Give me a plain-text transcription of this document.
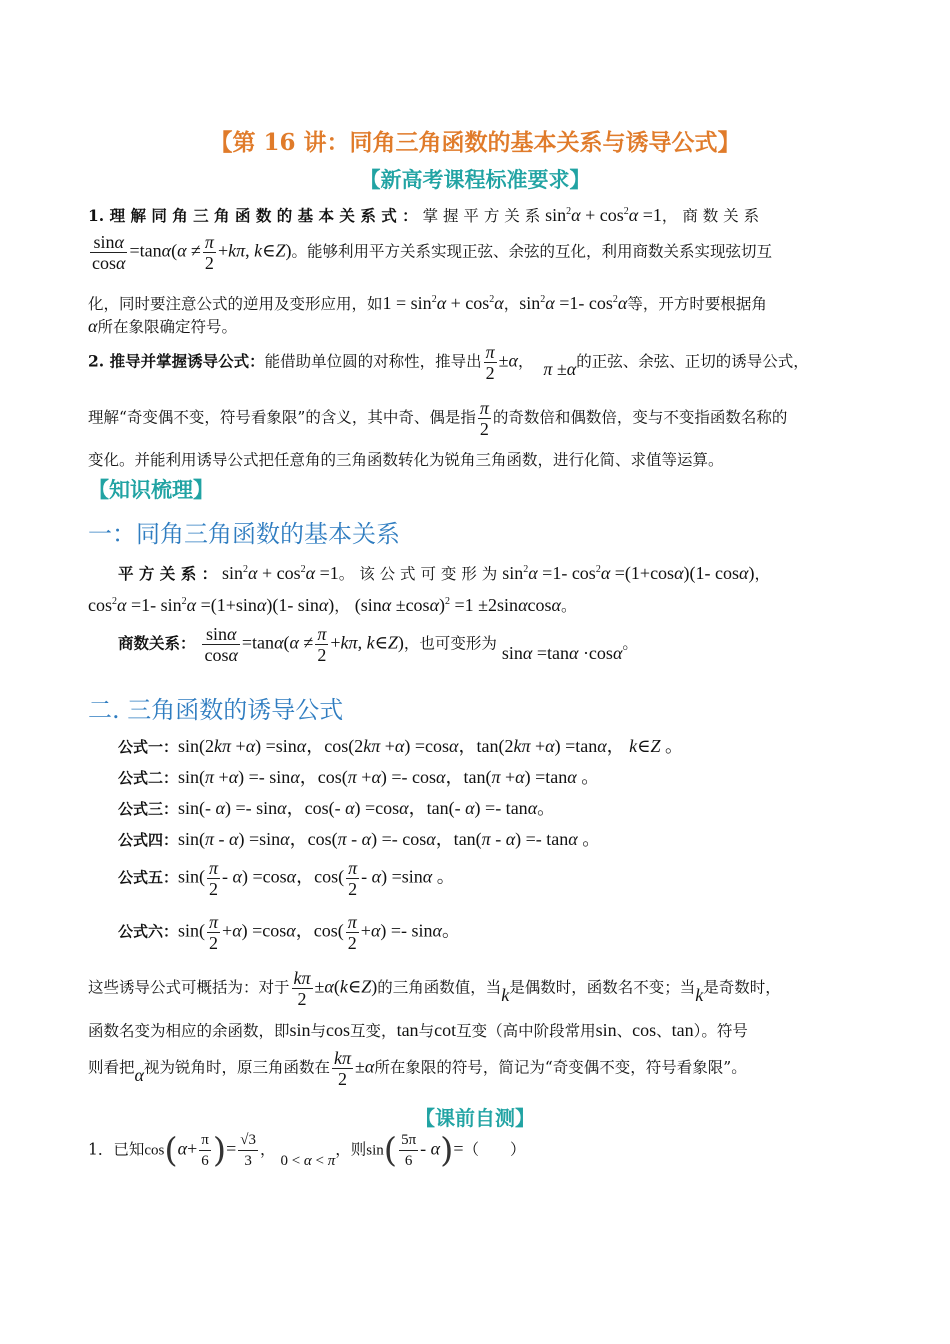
【第 16 讲：同角三角函数的基本关系与诱导公式】
【新高考课程标准要求】
1. 理 解 同 角 三 角 函 数 的 基 本 关 系 式 ： 掌 握 平 方 关 系 $\sin^2\alpha + \cos^2\alpha =1$， 商 数 关 系
$\frac{\sin\alpha}{\cos\alpha} =\tan\alpha(\alpha \ne \frac{\pi}{2} +k\pi$, k∈Z)。能够利用平方关系实现正弦、余弦的互化，利用商数关系实现弦切互
化，同时要注意公式的逆用及变形应用，如$1 = \sin^2\alpha + \cos^2\alpha$，$\sin^2\alpha =1-$ $\cos^2\alpha$等，开方时要根据角
α所在象限确定符号。
2. 推导并掌握诱导公式：能借助单位圆的对称性，推导出 $\frac{\pi}{2} \pm\alpha$， π ±α的正弦、余弦、正切的诱导公式，
理解“奇变偶不变，符号看象限”的含义，其中奇、偶是指 $\frac{\pi}{2}$ 的奇数倍和偶数倍，变与不变指函数名称的
变化。并能利用诱导公式把任意角的三角函数转化为锐角三角函数，进行化简、求值等运算。
【知识梳理】
一：同角三角函数的基本关系
平 方 关 系 ： $\sin^2\alpha + \cos^2\alpha =1$。 该 公 式 可 变 形 为 $\sin^2\alpha =1-$ $\cos^2\alpha =(1+\cos\alpha)(1-$ cosα)，
$\cos^2\alpha =1-$ $\sin^2\alpha =(1+\sin\alpha)(1-$ sinα)， $(\sin\alpha \pm\cos\alpha)^2 =1 \pm 2\sin\alpha\cos\alpha$。
商数关系： $\frac{\sin\alpha}{\cos\alpha} =\tan\alpha(\alpha \ne \frac{\pi}{2} +k\pi$, k∈Z)，也可变形为 sinα =tanα ·cosα。
二. 三角函数的诱导公式
公式一：sin(2kπ +α) =sinα，cos(2kπ +α) =cosα，tan(2kπ +α) =tanα， k∈Z 。
公式二：sin(π +α) =- sinα，cos(π +α) =- cosα，tan(π +α) =tanα 。
公式三：sin(- α) =- sinα，cos(- α) =cosα，tan(- α) =- tanα。
公式四：sin(π - α) =sinα，cos(π - α) =- cosα，tan(π - α) =- tanα 。
公式五：$\sin( \frac{\pi}{2} - \alpha) =\cos\alpha$，$\cos( \frac{\pi}{2} - \alpha) =\sin\alpha$ 。
公式六：$\sin( \frac{\pi}{2} +\alpha) =\cos\alpha$，$\cos( \frac{\pi}{2} +\alpha) =- \sin\alpha$。
这些诱导公式可概括为：对于 $\frac{k\pi}{2}$ ±α(k∈Z)的三角函数值，当k是偶数时，函数名不变；当k是奇数时，
函数名变为相应的余函数，即sin与cos互变，tan与cot互变（高中阶段常用sin、cos、tan）。符号
则看把α视为锐角时，原三角函数在 $\frac{k\pi}{2} \pm\alpha$所在象限的符号，简记为“奇变偶不变，符号看象限”。
【课前自测】
1．已知$\cos(\alpha+ \frac{\pi}{6}$ )= $\frac{√3}{3}$ ， 0 < α < π，则$\sin( \frac{5\pi}{6} - \alpha)=$（　　）
